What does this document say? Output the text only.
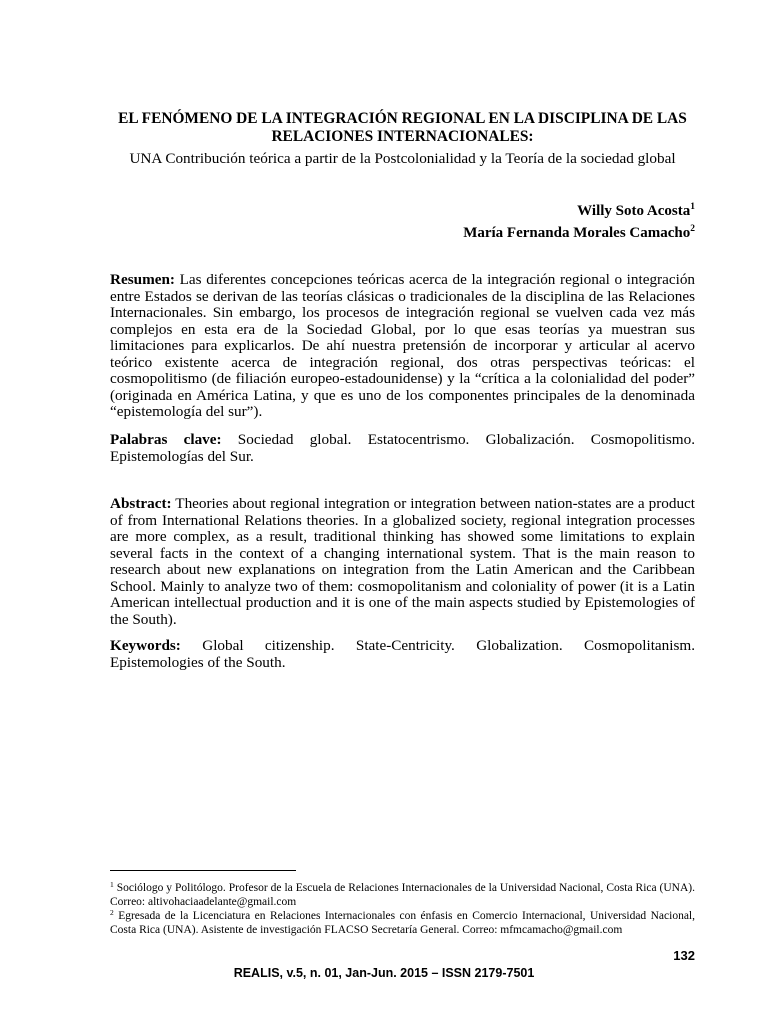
EL FENÓMENO DE LA INTEGRACIÓN REGIONAL EN LA DISCIPLINA DE LAS RELACIONES INTERNACIONALES:
UNA Contribución teórica a partir de la Postcolonialidad y la Teoría de la sociedad global
Willy Soto Acosta$^1$
María Fernanda Morales Camacho$^2$
Resumen: Las diferentes concepciones teóricas acerca de la integración regional o integración entre Estados se derivan de las teorías clásicas o tradicionales de la disciplina de las Relaciones Internacionales. Sin embargo, los procesos de integración regional se vuelven cada vez más complejos en esta era de la Sociedad Global, por lo que esas teorías ya muestran sus limitaciones para explicarlos. De ahí nuestra pretensión de incorporar y articular al acervo teórico existente acerca de integración regional, dos otras perspectivas teóricas: el cosmopolitismo (de filiación europeo-estadounidense) y la “crítica a la colonialidad del poder” (originada en América Latina, y que es uno de los componentes principales de la denominada “epistemología del sur”).
Palabras clave: Sociedad global. Estatocentrismo. Globalización. Cosmopolitismo. Epistemologías del Sur.
Abstract: Theories about regional integration or integration between nation-states are a product of from International Relations theories. In a globalized society, regional integration processes are more complex, as a result, traditional thinking has showed some limitations to explain several facts in the context of a changing international system. That is the main reason to research about new explanations on integration from the Latin American and the Caribbean School. Mainly to analyze two of them: cosmopolitanism and coloniality of power (it is a Latin American intellectual production and it is one of the main aspects studied by Epistemologies of the South).
Keywords: Global citizenship. State-Centricity. Globalization. Cosmopolitanism. Epistemologies of the South.
$^1$ Sociólogo y Politólogo. Profesor de la Escuela de Relaciones Internacionales de la Universidad Nacional, Costa Rica (UNA). Correo: altivohaciaadelante@gmail.com
$^2$ Egresada de la Licenciatura en Relaciones Internacionales con énfasis en Comercio Internacional, Universidad Nacional, Costa Rica (UNA). Asistente de investigación FLACSO Secretaría General. Correo: mfmcamacho@gmail.com
132
REALIS, v.5, n. 01, Jan-Jun. 2015 – ISSN 2179-7501
